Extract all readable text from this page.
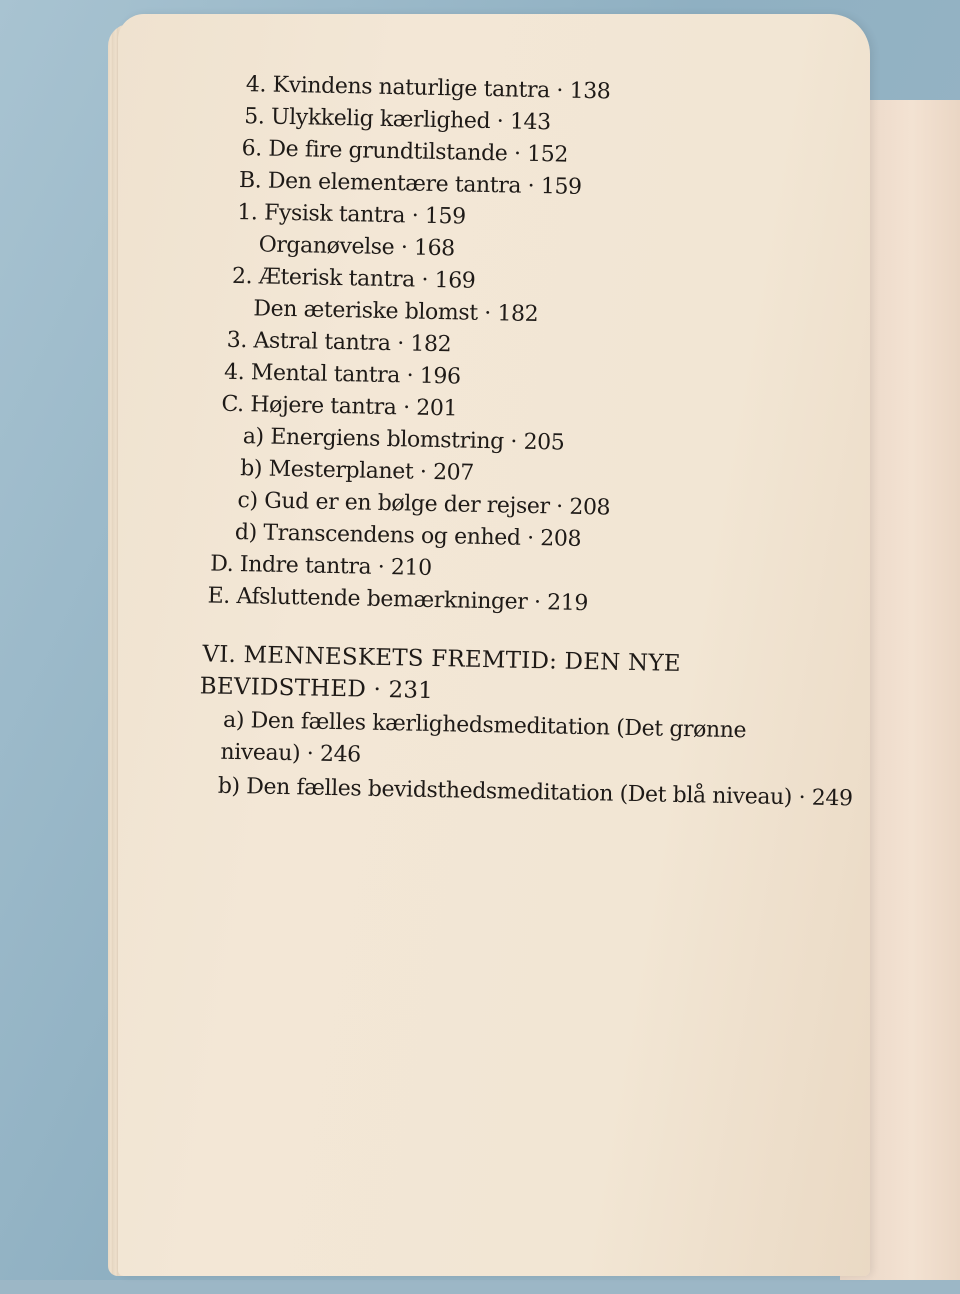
4. Kvindens naturlige tantra · 138
5. Ulykkelig kærlighed · 143
6. De fire grundtilstande · 152
B. Den elementære tantra · 159
1. Fysisk tantra · 159
Organøvelse · 168
2. Æterisk tantra · 169
Den æteriske blomst · 182
3. Astral tantra · 182
4. Mental tantra · 196
C. Højere tantra · 201
a) Energiens blomstring · 205
b) Mesterplanet · 207
c) Gud er en bølge der rejser · 208
d) Transcendens og enhed · 208
D. Indre tantra · 210
E. Afsluttende bemærkninger · 219
VI. MENNESKETS FREMTID: DEN NYE
BEVIDSTHED · 231
a) Den fælles kærlighedsmeditation (Det grønne
niveau) · 246
b) Den fælles bevidsthedsmeditation (Det blå niveau) · 249
